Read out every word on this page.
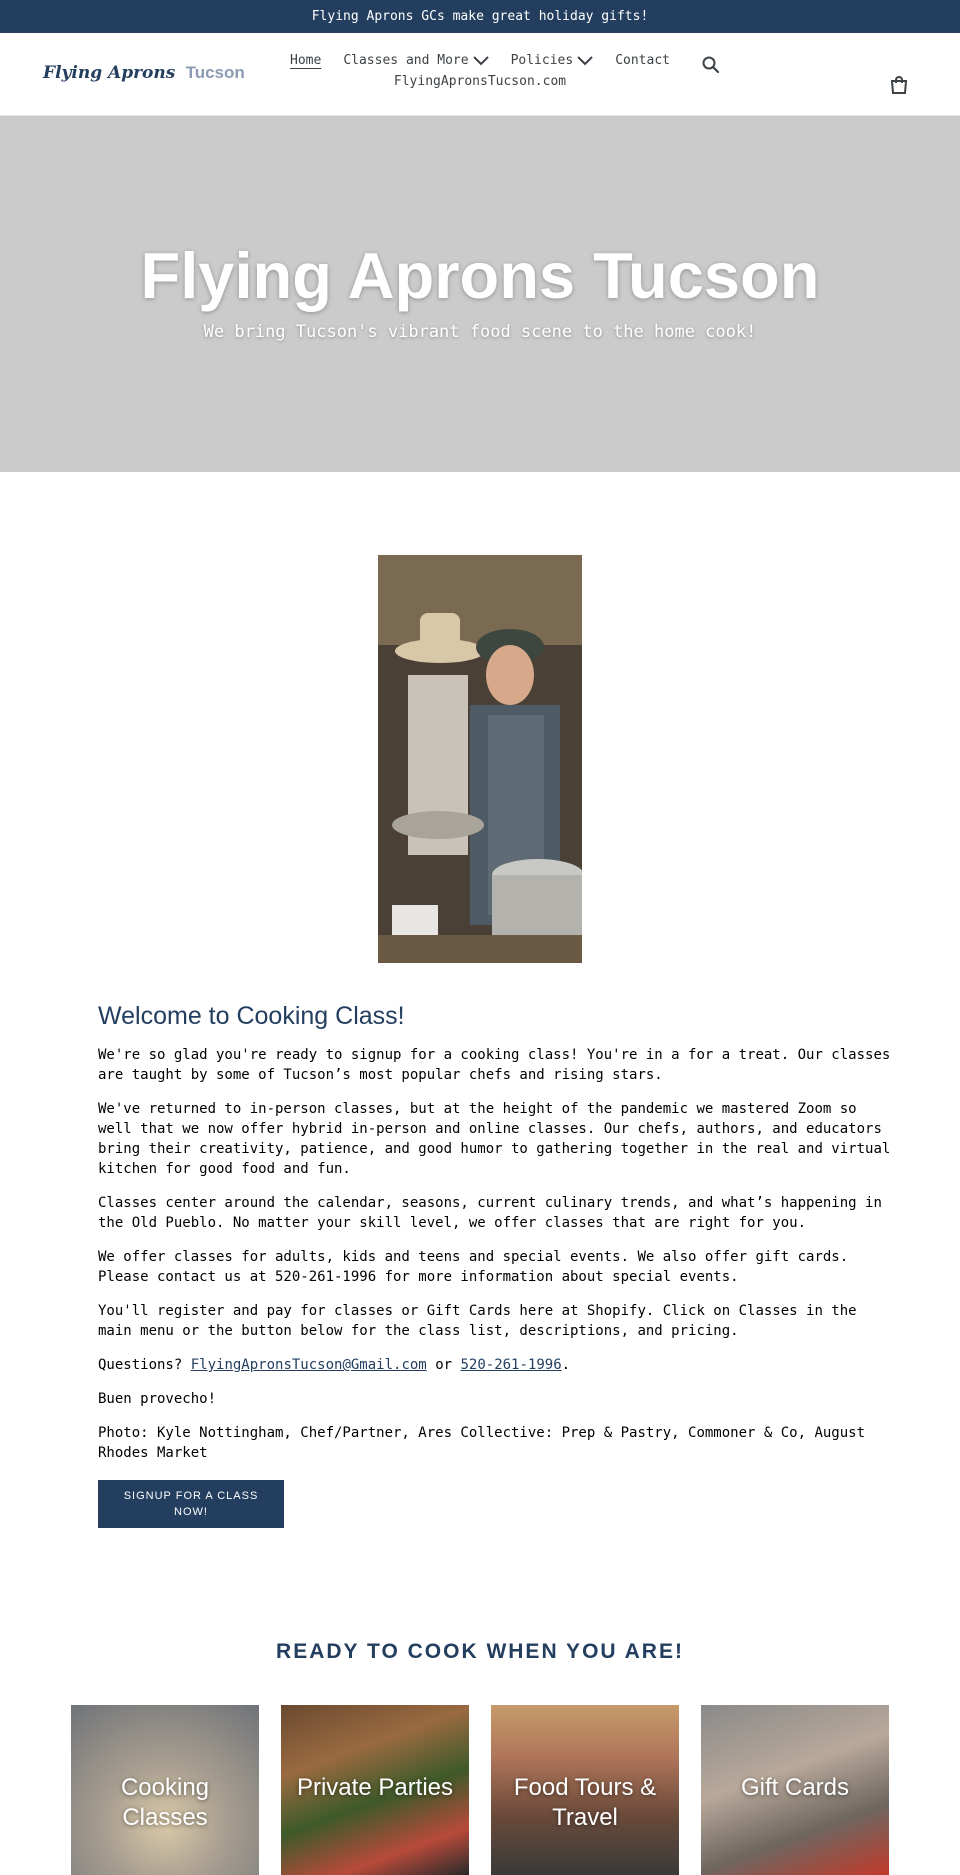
Flying Aprons GCs make great holiday gifts!
Flying Aprons Tucson
Home Classes and More	Policies	Contact
FlyingApronsTucson.com
Flying Aprons Tucson

We bring Tucson's vibrant food scene to the home cook!

Welcome to Cooking Class!

We're so glad you're ready to signup for a cooking class! You're in a for a treat. Our classes are taught by some of Tucson’s most popular chefs and rising stars.

We've returned to in-person classes, but at the height of the pandemic we mastered Zoom so well that we now offer hybrid in-person and online classes. Our chefs, authors, and educators bring their creativity, patience, and good humor to gathering together in the real and virtual kitchen for good food and fun.

Classes center around the calendar, seasons, current culinary trends, and what’s happening in the Old Pueblo. No matter your skill level, we offer classes that are right for you.

We offer classes for adults, kids and teens and special events. We also offer gift cards. Please contact us at 520-261-1996 for more information about special events.

You'll register and pay for classes or Gift Cards here at Shopify. Click on Classes in the main menu or the button below for the class list, descriptions, and pricing.

Questions? FlyingApronsTucson@Gmail.com or 520-261-1996.

Buen provecho!

Photo: Kyle Nottingham, Chef/Partner, Ares Collective: Prep & Pastry, Commoner & Co, August Rhodes Market

SIGNUP FOR A CLASS NOW!
READY TO COOK WHEN YOU ARE!
Cooking Classes
Private Parties	Food Tours & Travel
Gift Cards
